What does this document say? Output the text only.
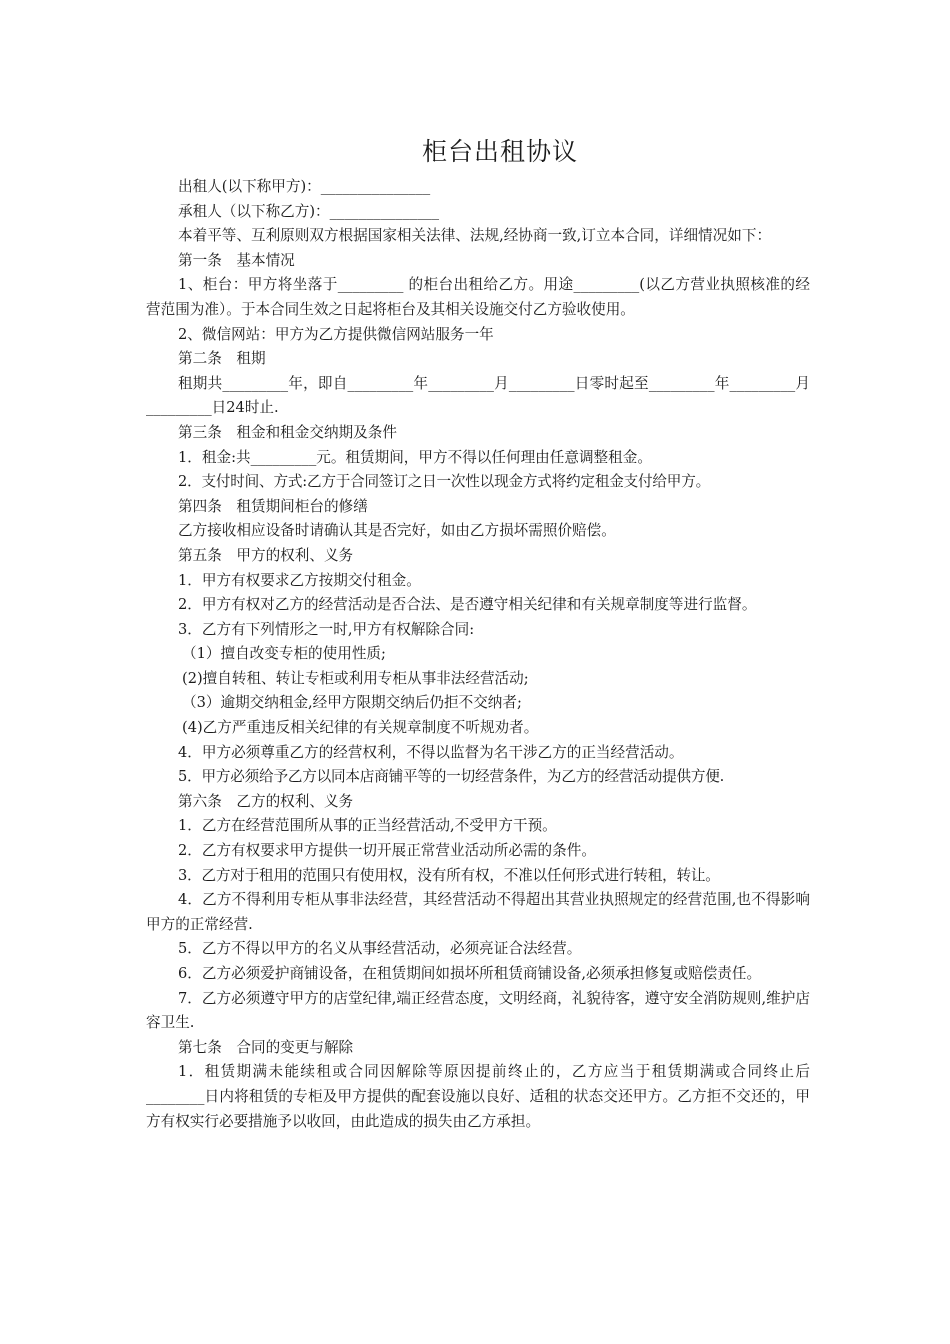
柜台出租协议

出租人(以下称甲方)：_______________

承租人（以下称乙方)：_______________

本着平等、互利原则双方根据国家相关法律、法规,经协商一致,订立本合同，详细情况如下：

第一条　基本情况

1、柜台：甲方将坐落于_________ 的柜台出租给乙方。用途_________(以乙方营业执照核准的经营范围为准）。于本合同生效之日起将柜台及其相关设施交付乙方验收使用。

2、微信网站：甲方为乙方提供微信网站服务一年

第二条　租期

租期共_________年，即自_________年_________月_________日零时起至_________年_________月_________日24时止.

第三条　租金和租金交纳期及条件

1．租金:共_________元。租赁期间，甲方不得以任何理由任意调整租金。

2．支付时间、方式:乙方于合同签订之日一次性以现金方式将约定租金支付给甲方。

第四条　租赁期间柜台的修缮

乙方接收相应设备时请确认其是否完好，如由乙方损坏需照价赔偿。

第五条　甲方的权利、义务

1．甲方有权要求乙方按期交付租金。

2．甲方有权对乙方的经营活动是否合法、是否遵守相关纪律和有关规章制度等进行监督。

3．乙方有下列情形之一时,甲方有权解除合同:

（1）擅自改变专柜的使用性质;

(2)擅自转租、转让专柜或利用专柜从事非法经营活动;

（3）逾期交纳租金,经甲方限期交纳后仍拒不交纳者;

(4)乙方严重违反相关纪律的有关规章制度不听规劝者。

4．甲方必须尊重乙方的经营权利，不得以监督为名干涉乙方的正当经营活动。

5．甲方必须给予乙方以同本店商铺平等的一切经营条件，为乙方的经营活动提供方便.

第六条　乙方的权利、义务

1．乙方在经营范围所从事的正当经营活动,不受甲方干预。

2．乙方有权要求甲方提供一切开展正常营业活动所必需的条件。

3．乙方对于租用的范围只有使用权，没有所有权，不准以任何形式进行转租，转让。

4．乙方不得利用专柜从事非法经营，其经营活动不得超出其营业执照规定的经营范围,也不得影响甲方的正常经营.

5．乙方不得以甲方的名义从事经营活动，必须亮证合法经营。

6．乙方必须爱护商铺设备，在租赁期间如损坏所租赁商铺设备,必须承担修复或赔偿责任。

7．乙方必须遵守甲方的店堂纪律,端正经营态度，文明经商，礼貌待客，遵守安全消防规则,维护店容卫生.

第七条　合同的变更与解除

1．租赁期满未能续租或合同因解除等原因提前终止的，乙方应当于租赁期满或合同终止后________日内将租赁的专柜及甲方提供的配套设施以良好、适租的状态交还甲方。乙方拒不交还的，甲方有权实行必要措施予以收回，由此造成的损失由乙方承担。
